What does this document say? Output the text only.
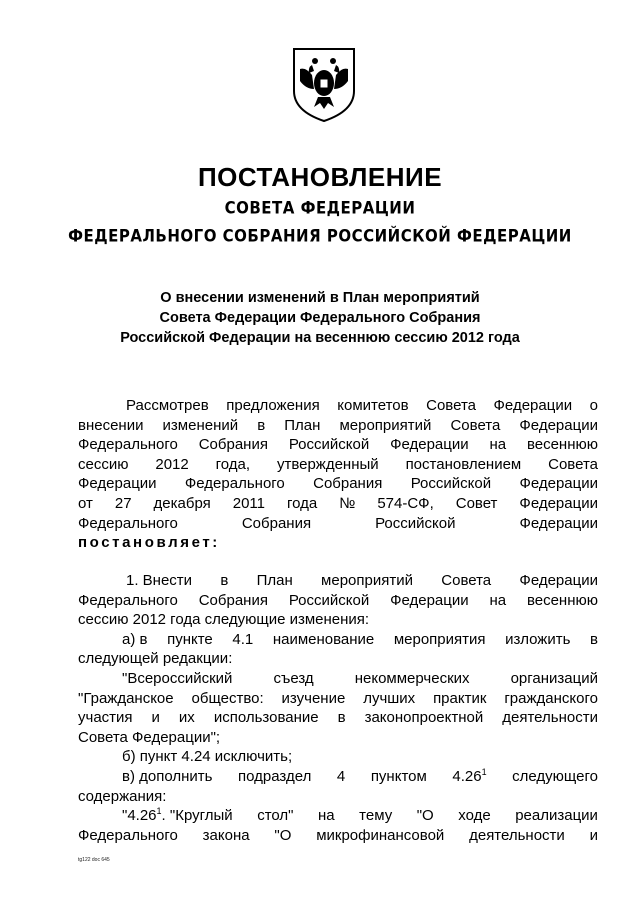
ПОСТАНОВЛЕНИЕ
СОВЕТА ФЕДЕРАЦИИ
ФЕДЕРАЛЬНОГО СОБРАНИЯ РОССИЙСКОЙ ФЕДЕРАЦИИ
О внесении изменений в План мероприятий
Совета Федерации Федерального Собрания
Российской Федерации на весеннюю сессию 2012 года
Рассмотрев предложения комитетов Совета Федерации о
внесении изменений в План мероприятий Совета Федерации
Федерального Собрания Российской Федерации на весеннюю
сессию 2012 года, утвержденный постановлением Совета
Федерации Федерального Собрания Российской Федерации
от 27 декабря 2011 года № 574-СФ, Совет Федерации
Федерального	Собрания	Российской	Федерации
постановляет:
1. Внести в План мероприятий Совета Федерации
Федерального Собрания Российской Федерации на весеннюю
сессию 2012 года следующие изменения:
а) в пункте 4.1 наименование мероприятия изложить в
следующей редакции:
"Всероссийский	съезд	некоммерческих	организаций
"Гражданское общество: изучение лучших практик гражданского
участия и их использование в законопроектной деятельности
Совета Федерации";
б) пункт 4.24 исключить;
в) дополнить подраздел 4 пунктом 4.26$^1$ следующего
содержания:
"4.26$^1$. "Круглый стол" на тему "О ходе реализации
Федерального закона "О микрофинансовой деятельности и
tg122 doc 645
